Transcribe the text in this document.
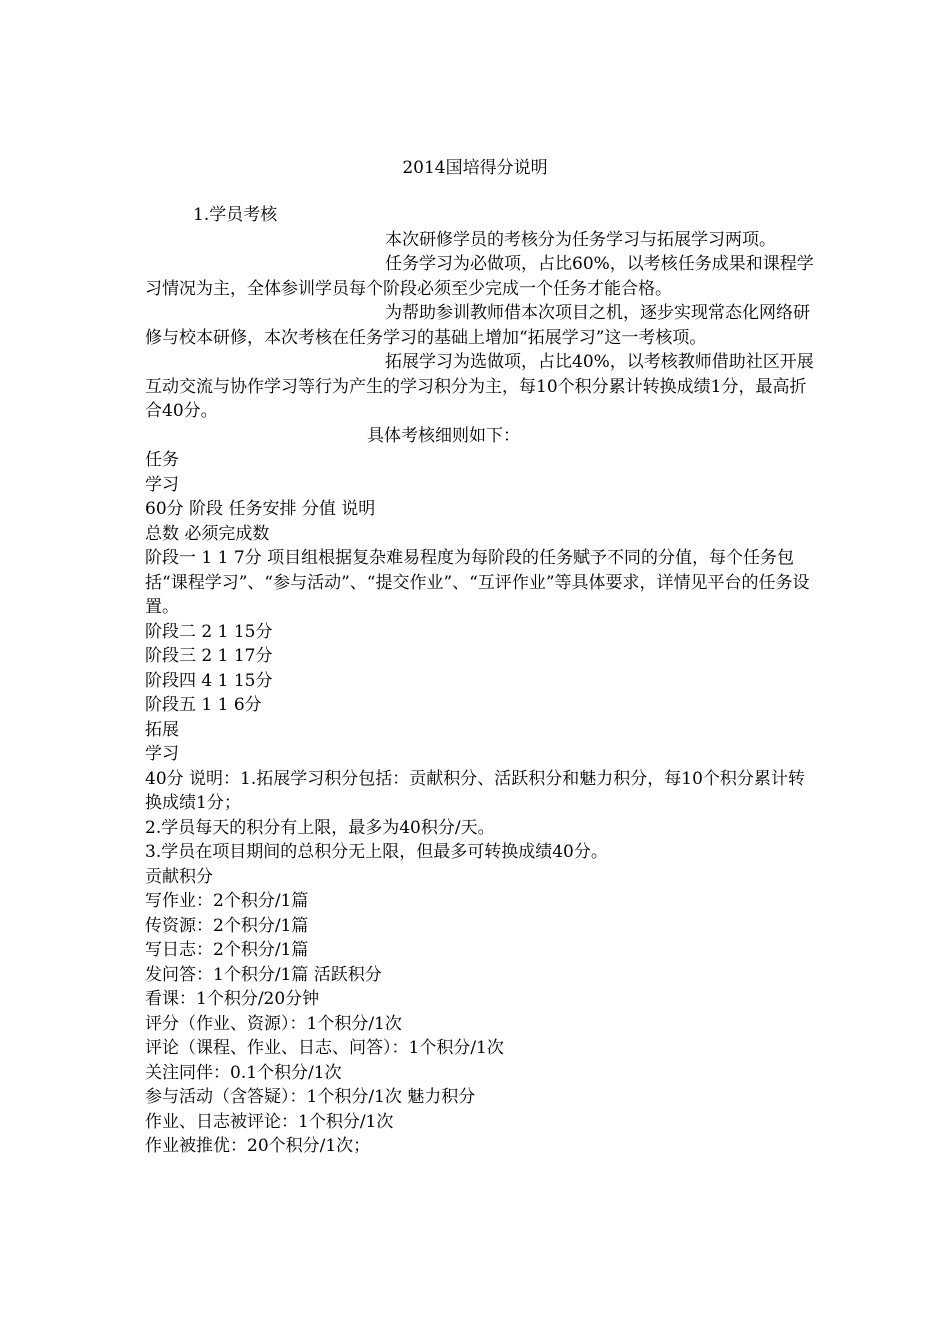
2014国培得分说明

1.学员考核

本次研修学员的考核分为任务学习与拓展学习两项。

任务学习为必做项，占比60%，以考核任务成果和课程学习情况为主，全体参训学员每个阶段必须至少完成一个任务才能合格。

为帮助参训教师借本次项目之机，逐步实现常态化网络研修与校本研修，本次考核在任务学习的基础上增加“拓展学习”这一考核项。

拓展学习为选做项，占比40%，以考核教师借助社区开展互动交流与协作学习等行为产生的学习积分为主，每10个积分累计转换成绩1分，最高折合40分。

具体考核细则如下：

任务

学习

60分 阶段 任务安排 分值 说明

总数 必须完成数

阶段一 1 1 7分 项目组根据复杂难易程度为每阶段的任务赋予不同的分值，每个任务包括“课程学习”、“参与活动”、“提交作业”、“互评作业”等具体要求，详情见平台的任务设置。

阶段二 2 1 15分

阶段三 2 1 17分

阶段四 4 1 15分

阶段五 1 1 6分

拓展

学习

40分 说明：1.拓展学习积分包括：贡献积分、活跃积分和魅力积分，每10个积分累计转换成绩1分；

2.学员每天的积分有上限，最多为40积分/天。

3.学员在项目期间的总积分无上限，但最多可转换成绩40分。

贡献积分

写作业：2个积分/1篇

传资源：2个积分/1篇

写日志：2个积分/1篇

发问答：1个积分/1篇 活跃积分

看课：1个积分/20分钟

评分（作业、资源）：1个积分/1次

评论（课程、作业、日志、问答）：1个积分/1次

关注同伴：0.1个积分/1次

参与活动（含答疑）：1个积分/1次 魅力积分

作业、日志被评论：1个积分/1次

作业被推优：20个积分/1次；
